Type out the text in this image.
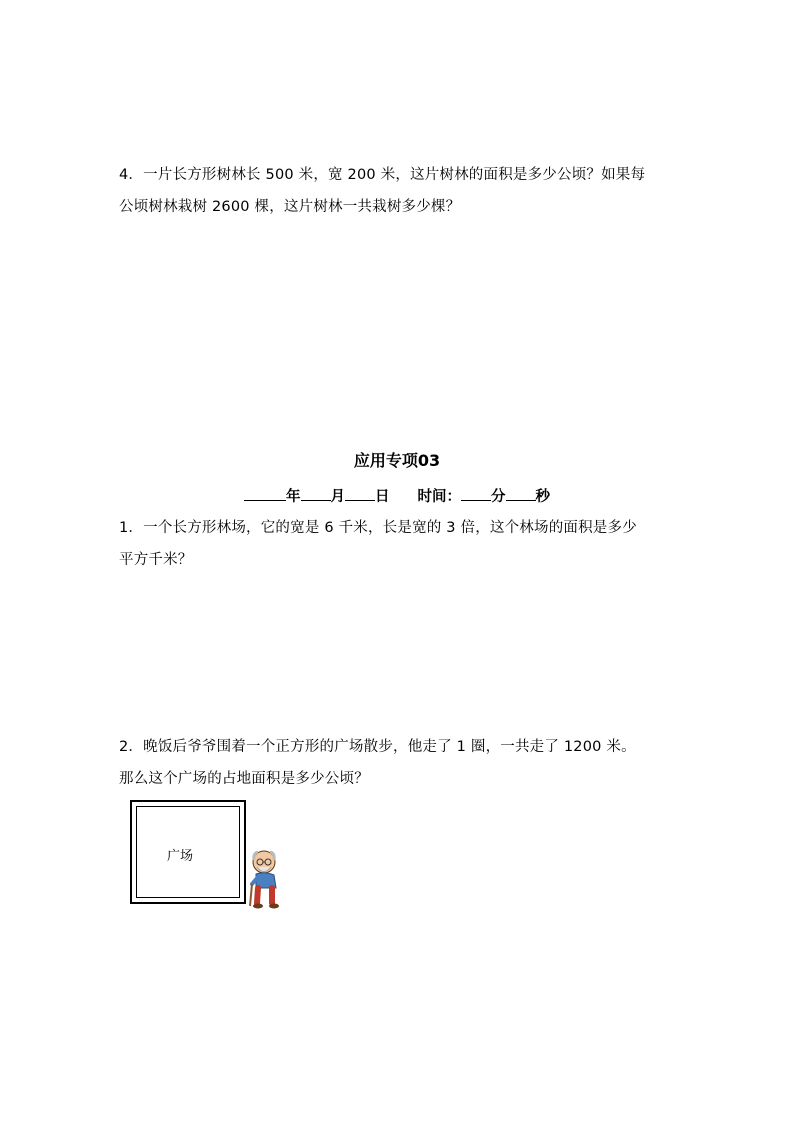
4．一片长方形树林长 500 米，宽 200 米，这片树林的面积是多少公顷？如果每
公顷树林栽树 2600 棵，这片树林一共栽树多少棵？
应用专项03
年 月 日 时间： 分 秒
1．一个长方形林场，它的宽是 6 千米，长是宽的 3 倍，这个林场的面积是多少
平方千米？
2．晚饭后爷爷围着一个正方形的广场散步，他走了 1 圈，一共走了 1200 米。
那么这个广场的占地面积是多少公顷？
广场
